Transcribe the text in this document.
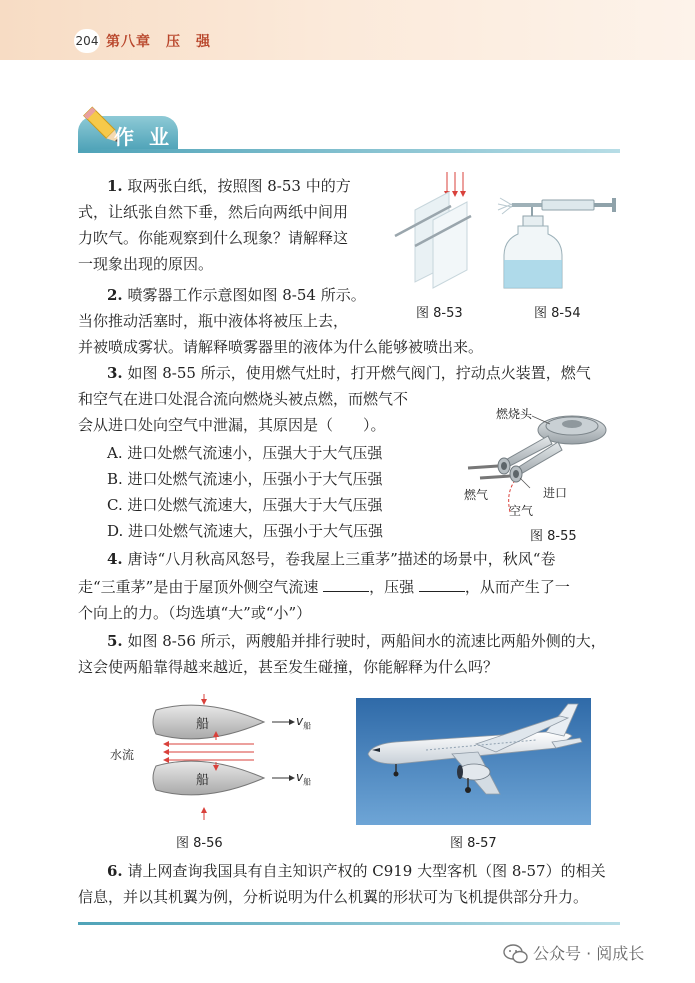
204 第八章　压　强
作 业
1. 取两张白纸，按照图 8-53 中的方
式，让纸张自然下垂，然后向两纸中间用
力吹气。你能观察到什么现象？请解释这
一现象出现的原因。
图 8-53	图 8-54
2. 喷雾器工作示意图如图 8-54 所示。
当你推动活塞时，瓶中液体将被压上去，
并被喷成雾状。请解释喷雾器里的液体为什么能够被喷出来。
3. 如图 8-55 所示，使用燃气灶时，打开燃气阀门，拧动点火装置，燃气
和空气在进口处混合流向燃烧头被点燃，而燃气不
会从进口处向空气中泄漏，其原因是（　　）。
A. 进口处燃气流速小，压强大于大气压强
B. 进口处燃气流速小，压强小于大气压强
C. 进口处燃气流速大，压强大于大气压强
D. 进口处燃气流速大，压强小于大气压强
燃烧头
燃气	进口
空气
图 8-55
4. 唐诗“八月秋高风怒号，卷我屋上三重茅”描述的场景中，秋风“卷
走“三重茅”是由于屋顶外侧空气流速	，压强	，从而产生了一
个向上的力。（均选填“大”或“小”）
5. 如图 8-56 所示，两艘船并排行驶时，两船间水的流速比两船外侧的大，
这会使两船靠得越来越近，甚至发生碰撞，你能解释为什么吗？
船
船
水流
$v_船$
$v_船$
图 8-56	图 8-57
6. 请上网查询我国具有自主知识产权的 C919 大型客机（图 8-57）的相关
信息，并以其机翼为例，分析说明为什么机翼的形状可为飞机提供部分升力。
公众号 · 阅成长
